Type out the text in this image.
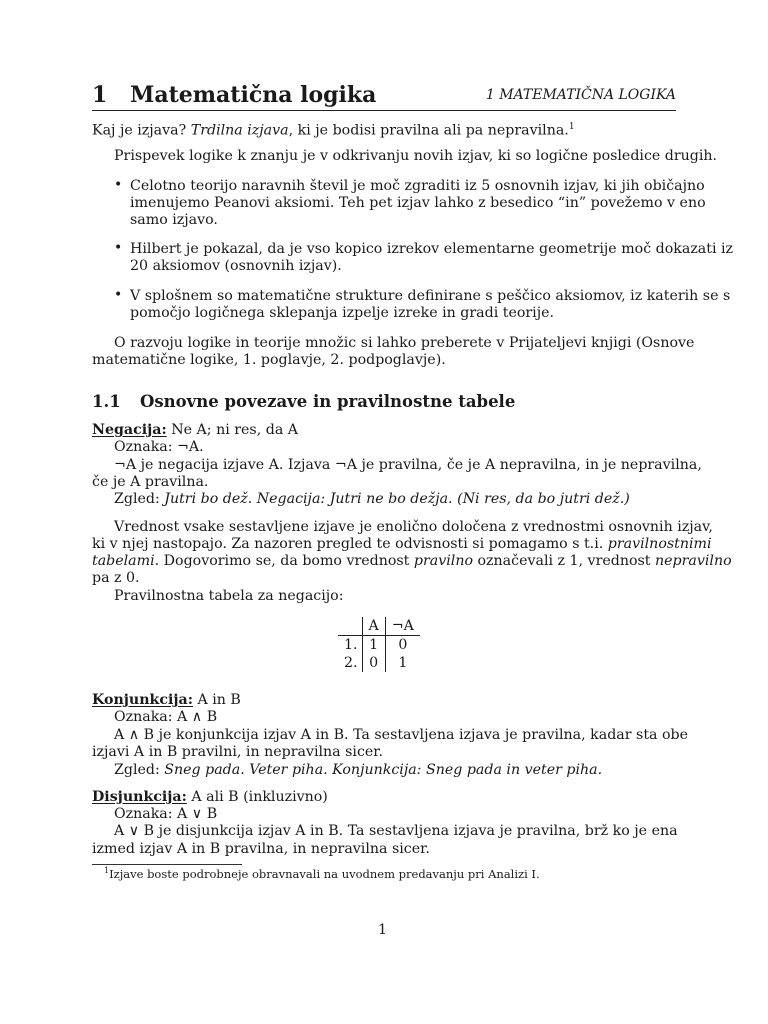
1 Matematična logika	1 MATEMATIČNA LOGIKA
Kaj je izjava? Trdilna izjava, ki je bodisi pravilna ali pa nepravilna.$^1$
Prispevek logike k znanju je v odkrivanju novih izjav, ki so logične posledice drugih.
• Celotno teorijo naravnih števil je moč zgraditi iz 5 osnovnih izjav, ki jih običajno
imenujemo Peanovi aksiomi. Teh pet izjav lahko z besedico “in” povežemo v eno
samo izjavo.
• Hilbert je pokazal, da je vso kopico izrekov elementarne geometrije moč dokazati iz
20 aksiomov (osnovnih izjav).
• V splošnem so matematične strukture definirane s peščico aksiomov, iz katerih se s
pomočjo logičnega sklepanja izpelje izreke in gradi teorije.
O razvoju logike in teorije množic si lahko preberete v Prijateljevi knjigi (Osnove
matematične logike, 1. poglavje, 2. podpoglavje).
1.1 Osnovne povezave in pravilnostne tabele
Negacija: Ne A; ni res, da A
Oznaka: ¬A.
¬A je negacija izjave A. Izjava ¬A je pravilna, če je A nepravilna, in je nepravilna,
če je A pravilna.
Zgled: Jutri bo dež. Negacija: Jutri ne bo dežja. (Ni res, da bo jutri dež.)
Vrednost vsake sestavljene izjave je enolično določena z vrednostmi osnovnih izjav,
ki v njej nastopajo. Za nazoren pregled te odvisnosti si pomagamo s t.i. pravilnostnimi
tabelami. Dogovorimo se, da bomo vrednost pravilno označevali z 1, vrednost nepravilno
pa z 0.
Pravilnostna tabela za negacijo:
	A	¬A
1.	1	0
2.	0	1
Konjunkcija: A in B
Oznaka: A ∧ B
A ∧ B je konjunkcija izjav A in B. Ta sestavljena izjava je pravilna, kadar sta obe
izjavi A in B pravilni, in nepravilna sicer.
Zgled: Sneg pada. Veter piha. Konjunkcija: Sneg pada in veter piha.
Disjunkcija: A ali B (inkluzivno)
Oznaka: A ∨ B
A ∨ B je disjunkcija izjav A in B. Ta sestavljena izjava je pravilna, brž ko je ena
izmed izjav A in B pravilna, in nepravilna sicer.
$^1$Izjave boste podrobneje obravnavali na uvodnem predavanju pri Analizi I.
1
